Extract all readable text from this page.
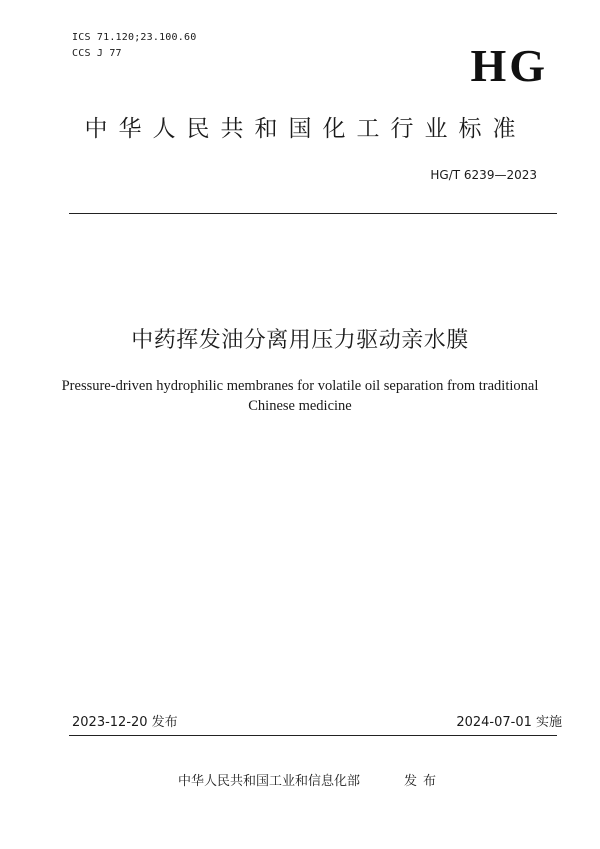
ICS 71.120;23.100.60
CCS J 77	HG
中华人民共和国化工行业标准
HG/T 6239—2023
中药挥发油分离用压力驱动亲水膜
Pressure-driven hydrophilic membranes for volatile oil separation from traditional
Chinese medicine
2023-12-20 发布	2024-07-01 实施
中华人民共和国工业和信息化部	发布
